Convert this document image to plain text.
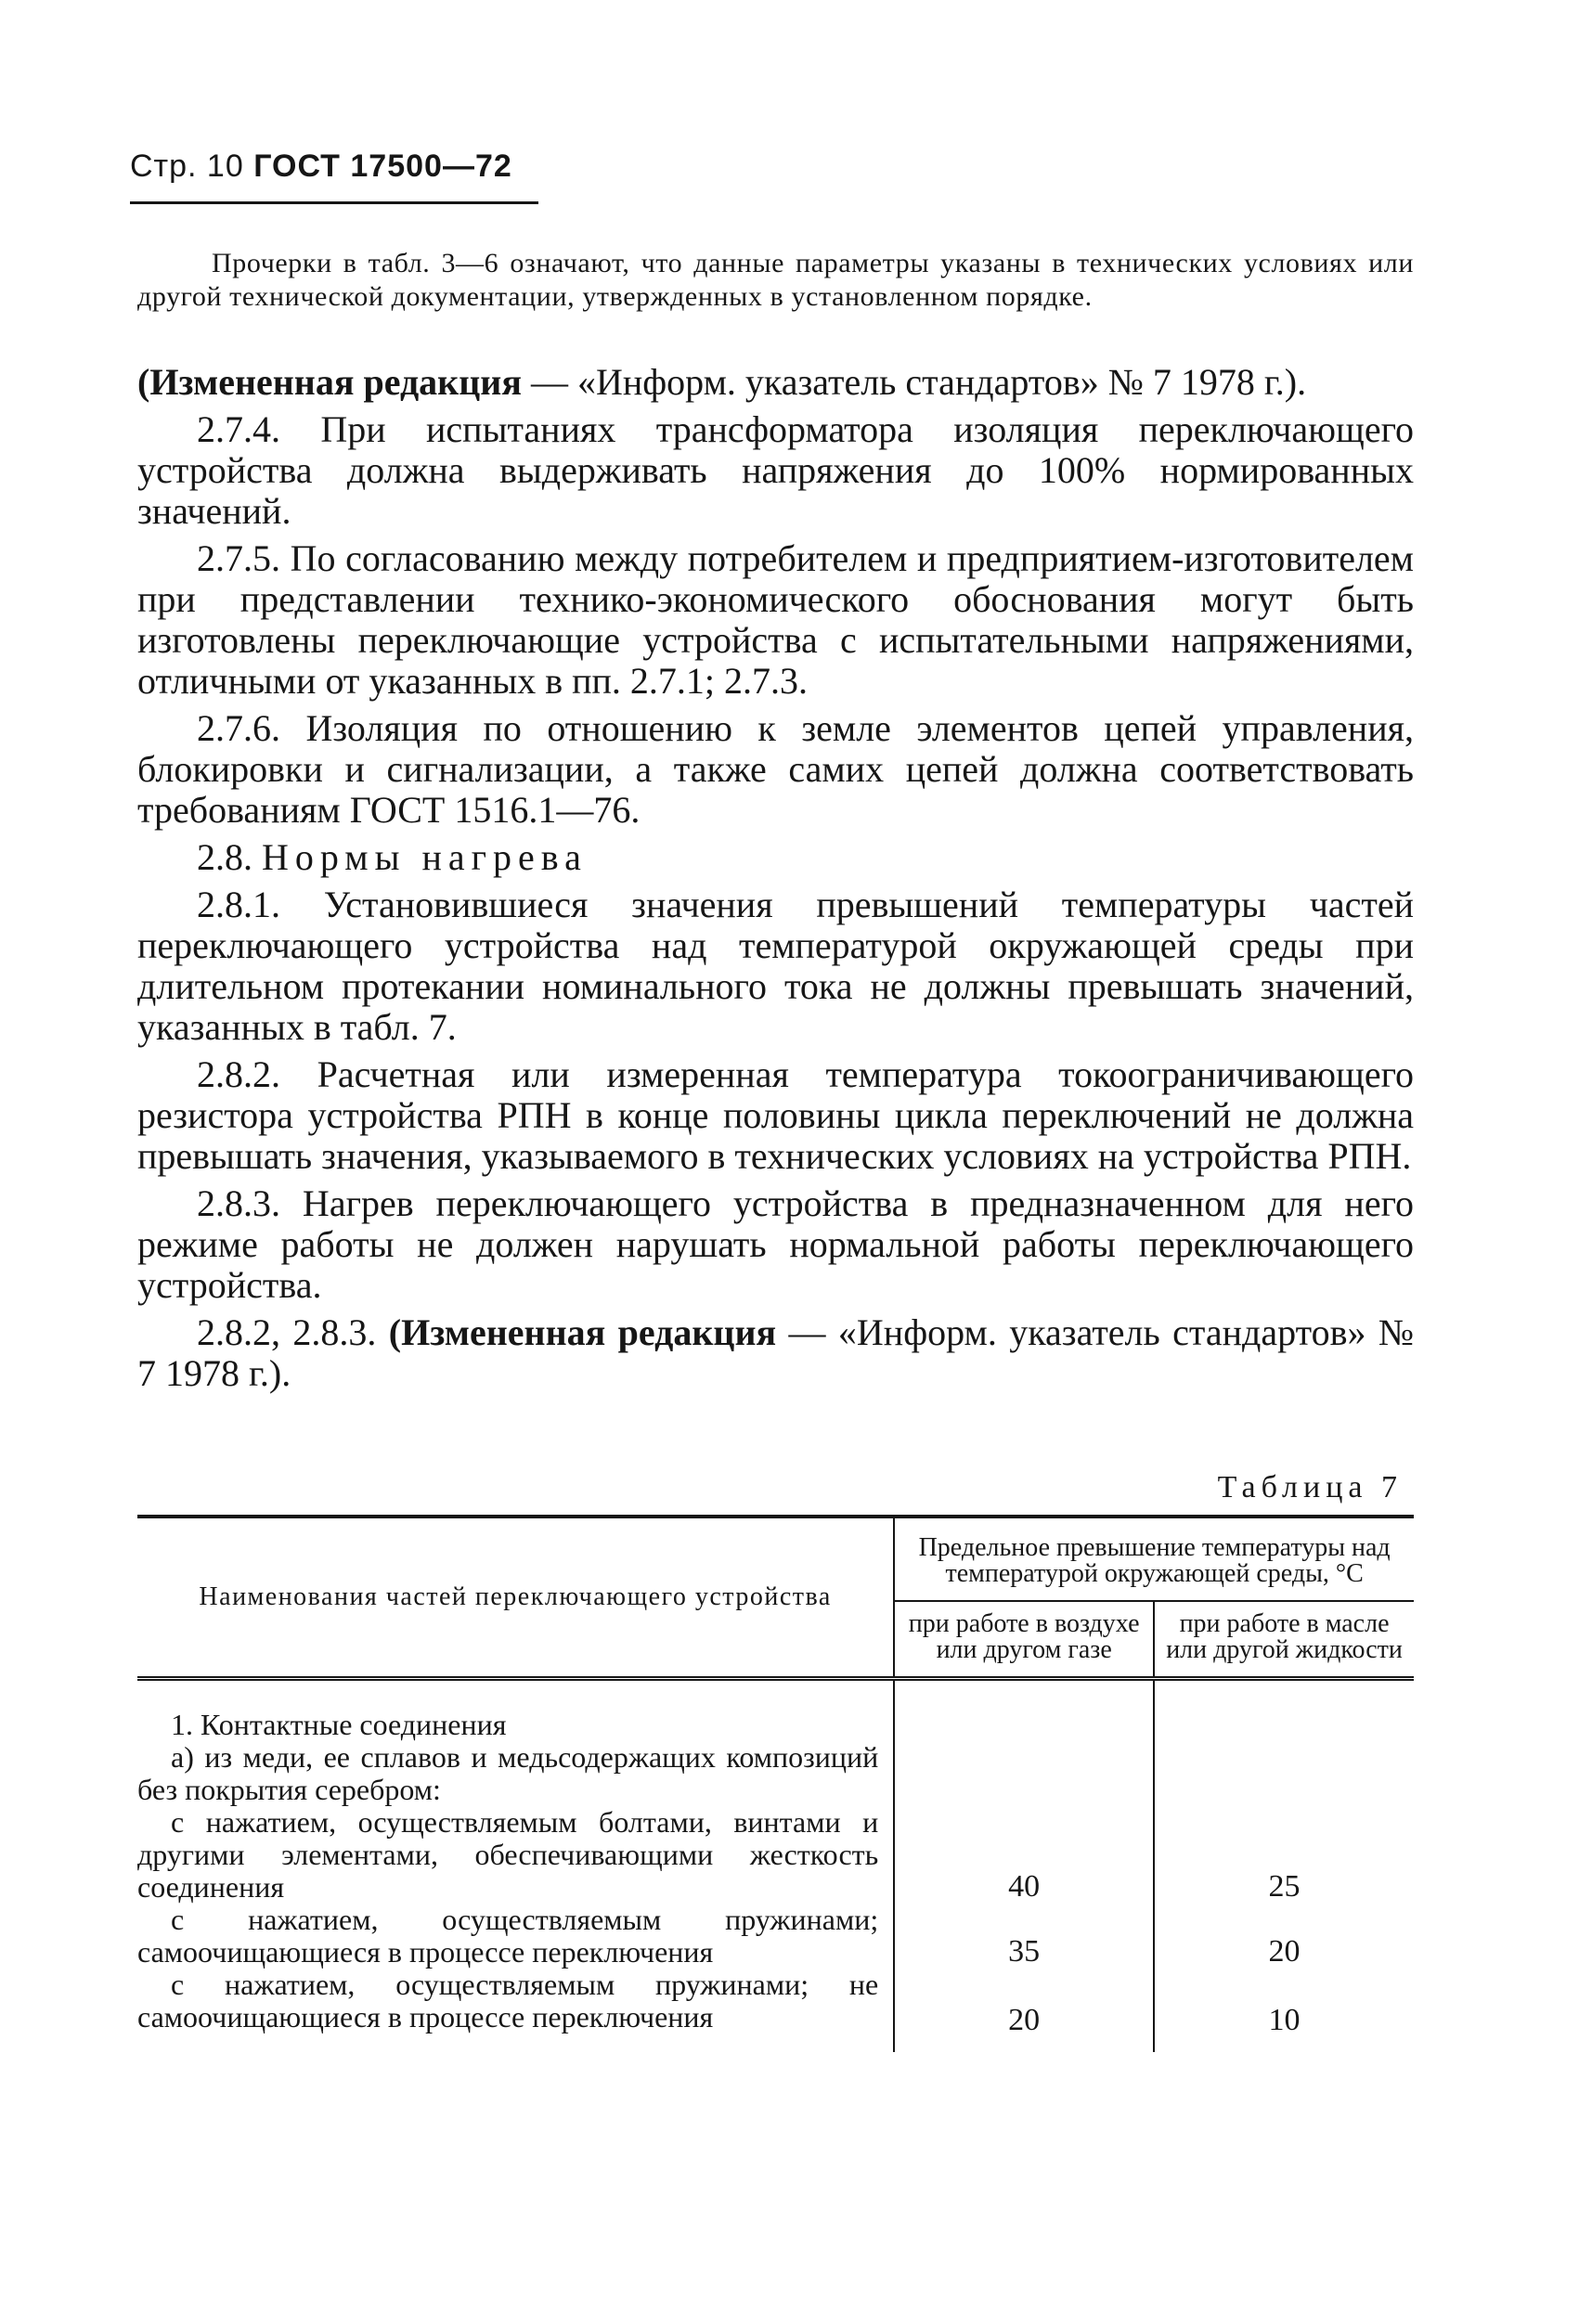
Стр. 10 ГОСТ 17500—72
Прочерки в табл. 3—6 означают, что данные параметры указаны в технических условиях или другой технической документации, утвержденных в установленном порядке.

(Измененная редакция — «Информ. указатель стандартов» № 7 1978 г.).

2.7.4. При испытаниях трансформатора изоляция переключающего устройства должна выдерживать напряжения до 100% нормированных значений.

2.7.5. По согласованию между потребителем и предприятием-изготовителем при представлении технико-экономического обоснования могут быть изготовлены переключающие устройства с испытательными напряжениями, отличными от указанных в пп. 2.7.1; 2.7.3.

2.7.6. Изоляция по отношению к земле элементов цепей управления, блокировки и сигнализации, а также самих цепей должна соответствовать требованиям ГОСТ 1516.1—76.

2.8. Нормы нагрева

2.8.1. Установившиеся значения превышений температуры частей переключающего устройства над температурой окружающей среды при длительном протекании номинального тока не должны превышать значений, указанных в табл. 7.

2.8.2. Расчетная или измеренная температура токоограничивающего резистора устройства РПН в конце половины цикла переключений не должна превышать значения, указываемого в технических условиях на устройства РПН.

2.8.3. Нагрев переключающего устройства в предназначенном для него режиме работы не должен нарушать нормальной работы переключающего устройства.

2.8.2, 2.8.3. (Измененная редакция — «Информ. указатель стандартов» № 7 1978 г.).

Таблица 7
Наименования частей переключающего устройства	Предельное превышение температуры над температурой окружающей среды, °С	
	при работе в воздухе или другом газе	при работе в масле или другой жидкости
1. Контактные соединения		
а) из меди, ее сплавов и медьсодержащих композиций без покрытия серебром:		
с нажатием, осуществляемым болтами, винтами и другими элементами, обеспечивающими жесткость соединения	40	25
с нажатием, осуществляемым пружинами; самоочищающиеся в процессе переключения	35	20
с нажатием, осуществляемым пружинами; не самоочищающиеся в процессе переключения	20	10
